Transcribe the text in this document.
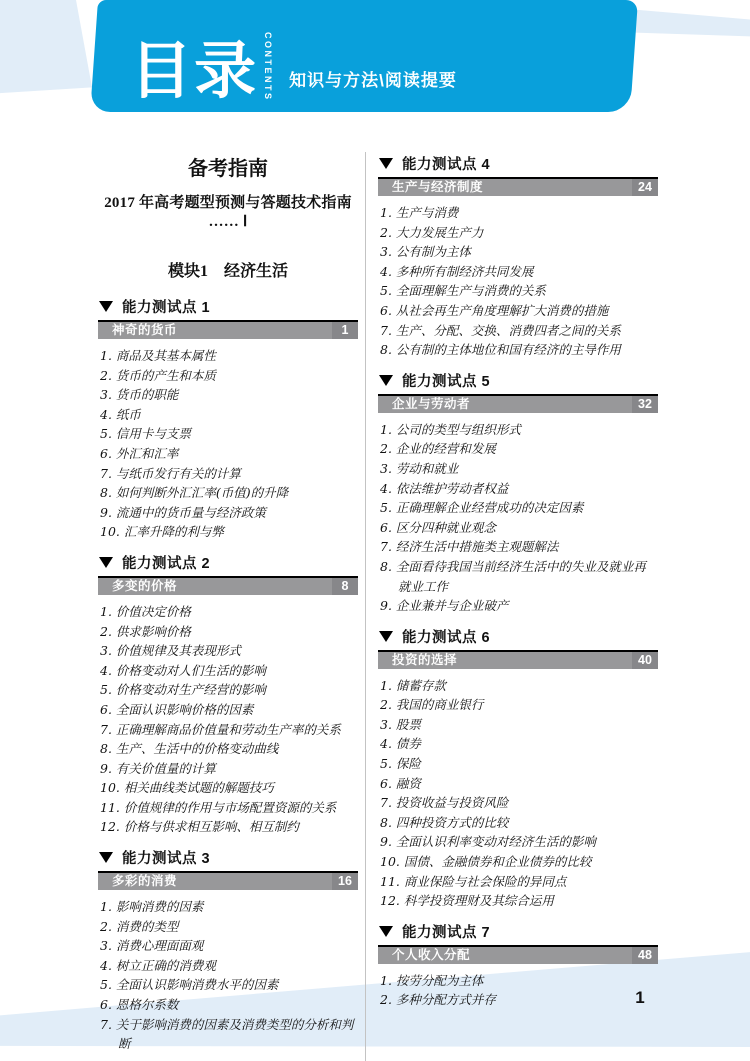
目录 CONTENTS 知识与方法\阅读提要
备考指南
2017 年高考题型预测与答题技术指南 …… Ⅰ
模块1　经济生活
能力测试点 1
神奇的货币	1
1. 商品及其基本属性
2. 货币的产生和本质
3. 货币的职能
4. 纸币
5. 信用卡与支票
6. 外汇和汇率
7. 与纸币发行有关的计算
8. 如何判断外汇汇率(币值)的升降
9. 流通中的货币量与经济政策
10. 汇率升降的利与弊
能力测试点 2
多变的价格	8
1. 价值决定价格
2. 供求影响价格
3. 价值规律及其表现形式
4. 价格变动对人们生活的影响
5. 价格变动对生产经营的影响
6. 全面认识影响价格的因素
7. 正确理解商品价值量和劳动生产率的关系
8. 生产、生活中的价格变动曲线
9. 有关价值量的计算
10. 相关曲线类试题的解题技巧
11. 价值规律的作用与市场配置资源的关系
12. 价格与供求相互影响、相互制约
能力测试点 3
多彩的消费	16
1. 影响消费的因素
2. 消费的类型
3. 消费心理面面观
4. 树立正确的消费观
5. 全面认识影响消费水平的因素
6. 恩格尔系数
7. 关于影响消费的因素及消费类型的分析和判断
能力测试点 4
生产与经济制度	24
1. 生产与消费
2. 大力发展生产力
3. 公有制为主体
4. 多种所有制经济共同发展
5. 全面理解生产与消费的关系
6. 从社会再生产角度理解扩大消费的措施
7. 生产、分配、交换、消费四者之间的关系
8. 公有制的主体地位和国有经济的主导作用
能力测试点 5
企业与劳动者	32
1. 公司的类型与组织形式
2. 企业的经营和发展
3. 劳动和就业
4. 依法维护劳动者权益
5. 正确理解企业经营成功的决定因素
6. 区分四种就业观念
7. 经济生活中措施类主观题解法
8. 全面看待我国当前经济生活中的失业及就业再就业工作
9. 企业兼并与企业破产
能力测试点 6
投资的选择	40
1. 储蓄存款
2. 我国的商业银行
3. 股票
4. 债券
5. 保险
6. 融资
7. 投资收益与投资风险
8. 四种投资方式的比较
9. 全面认识利率变动对经济生活的影响
10. 国债、金融债券和企业债券的比较
11. 商业保险与社会保险的异同点
12. 科学投资理财及其综合运用
能力测试点 7
个人收入分配	48
1. 按劳分配为主体
2. 多种分配方式并存	1
